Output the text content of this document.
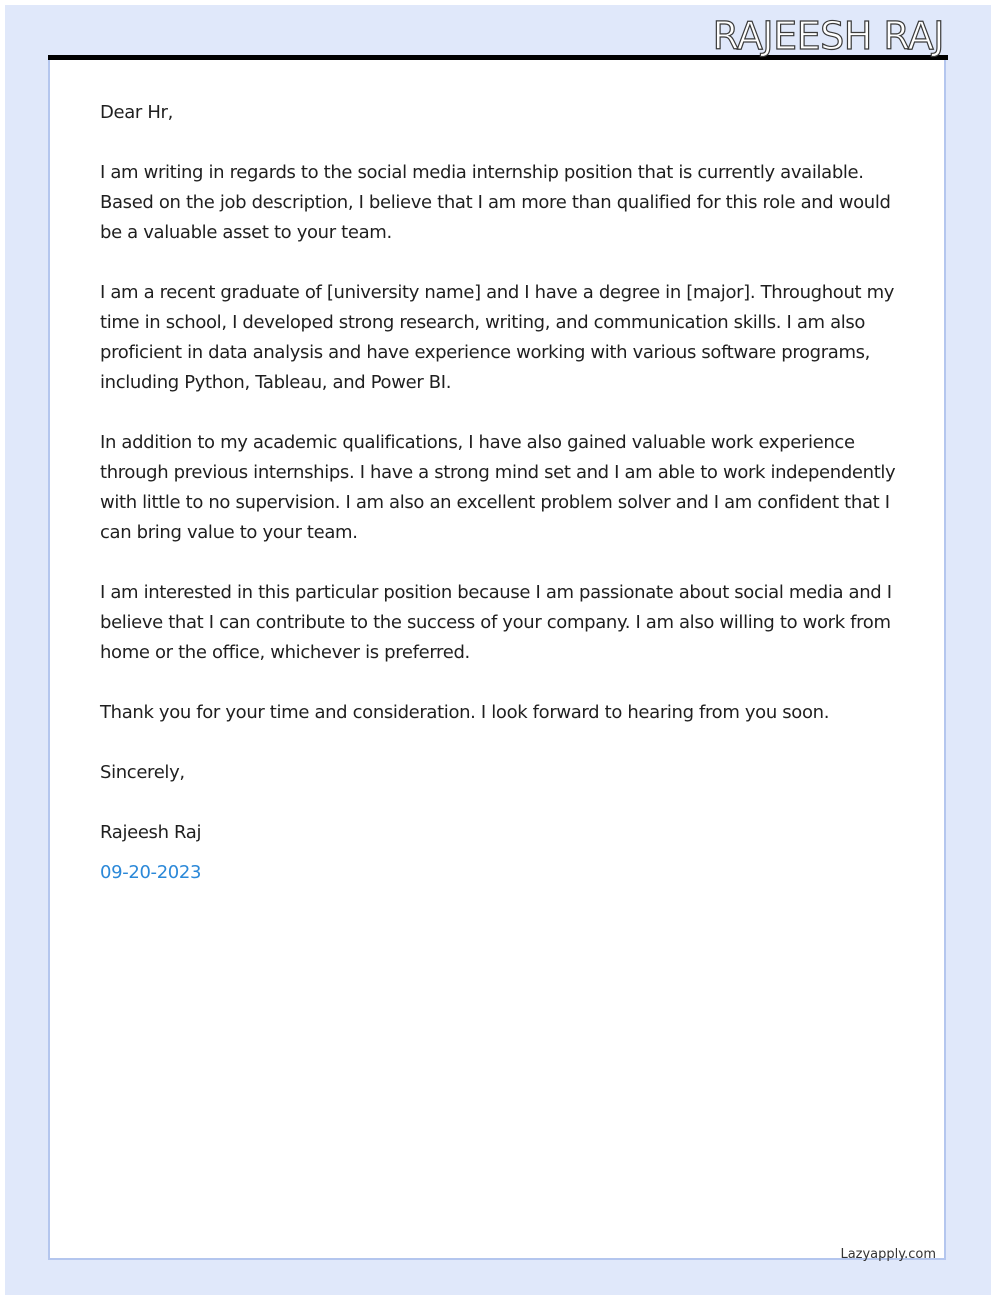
RAJEESH RAJ

Dear Hr,

I am writing in regards to the social media internship position that is currently available. Based on the job description, I believe that I am more than qualified for this role and would be a valuable asset to your team.

I am a recent graduate of [university name] and I have a degree in [major]. Throughout my time in school, I developed strong research, writing, and communication skills. I am also proficient in data analysis and have experience working with various software programs, including Python, Tableau, and Power BI.

In addition to my academic qualifications, I have also gained valuable work experience through previous internships. I have a strong mind set and I am able to work independently with little to no supervision. I am also an excellent problem solver and I am confident that I can bring value to your team.

I am interested in this particular position because I am passionate about social media and I believe that I can contribute to the success of your company. I am also willing to work from home or the office, whichever is preferred.

Thank you for your time and consideration. I look forward to hearing from you soon.

Sincerely,

Rajeesh Raj

09-20-2023

Lazyapply.com
